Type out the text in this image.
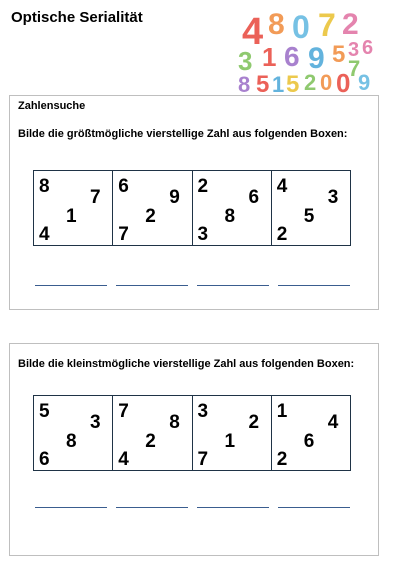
Optische Serialität	4 8 0 7 2
3 1 6 9 5 3 6
8 5 1 5 2 0 0 9
7
Zahlensuche
Bilde die größtmögliche vierstellige Zahl aus folgenden Boxen:
8
7
1
4
6
9
2
7
2
6
8
3
4
3
5
2
Bilde die kleinstmögliche vierstellige Zahl aus folgenden Boxen:
5
3
8
6
7
8
2
4
3
2
1
7
1
4
6
2
